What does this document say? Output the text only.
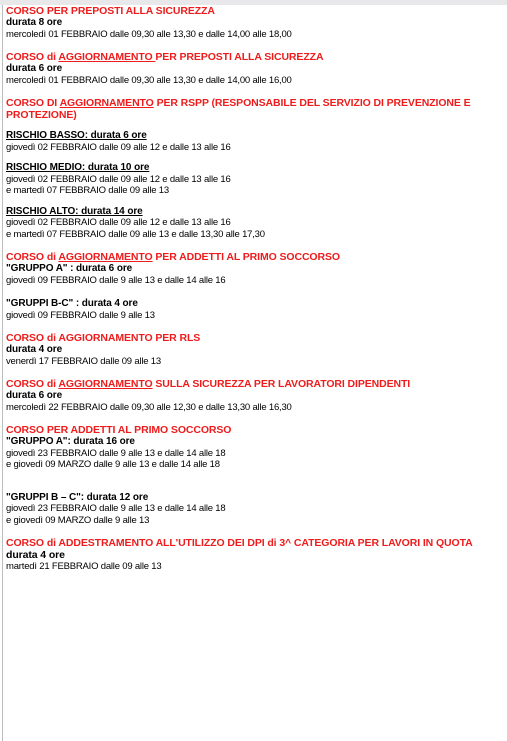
CORSO PER PREPOSTI ALLA SICUREZZA
durata 8 ore
mercoledì 01 FEBBRAIO dalle 09,30 alle 13,30 e dalle 14,00 alle 18,00
CORSO di AGGIORNAMENTO PER PREPOSTI ALLA SICUREZZA
durata 6 ore
mercoledì 01 FEBBRAIO dalle 09,30 alle 13,30 e dalle 14,00 alle 16,00
CORSO DI AGGIORNAMENTO PER RSPP (RESPONSABILE DEL SERVIZIO DI PREVENZIONE E PROTEZIONE)
RISCHIO BASSO: durata 6 ore
giovedì 02 FEBBRAIO dalle 09 alle 12 e dalle 13 alle 16
RISCHIO MEDIO: durata 10 ore
giovedì 02 FEBBRAIO dalle 09 alle 12 e dalle 13 alle 16
e martedì 07 FEBBRAIO dalle 09 alle 13
RISCHIO ALTO: durata 14 ore
giovedì 02 FEBBRAIO dalle 09 alle 12 e dalle 13 alle 16
e martedì 07 FEBBRAIO dalle 09 alle 13 e dalle 13,30 alle 17,30
CORSO di AGGIORNAMENTO PER ADDETTI AL PRIMO SOCCORSO
"GRUPPO A" : durata 6 ore
giovedì 09 FEBBRAIO dalle 9 alle 13 e dalle 14 alle 16
"GRUPPI B-C" : durata 4 ore
giovedì 09 FEBBRAIO dalle 9 alle 13
CORSO di AGGIORNAMENTO PER RLS
durata 4 ore
venerdì 17 FEBBRAIO dalle 09 alle 13
CORSO di AGGIORNAMENTO SULLA SICUREZZA PER LAVORATORI DIPENDENTI
durata 6 ore
mercoledì 22 FEBBRAIO dalle 09,30 alle 12,30 e dalle 13,30 alle 16,30
CORSO PER ADDETTI AL PRIMO SOCCORSO
"GRUPPO A": durata 16 ore
giovedì 23 FEBBRAIO dalle 9 alle 13 e dalle 14 alle 18
e giovedì 09 MARZO dalle 9 alle 13 e dalle 14 alle 18
"GRUPPI B – C": durata 12 ore
giovedì 23 FEBBRAIO dalle 9 alle 13 e dalle 14 alle 18
e giovedì 09 MARZO dalle 9 alle 13
CORSO di ADDESTRAMENTO ALL'UTILIZZO DEI DPI di 3^ CATEGORIA PER LAVORI IN QUOTA durata 4 ore
martedì 21 FEBBRAIO dalle 09 alle 13
